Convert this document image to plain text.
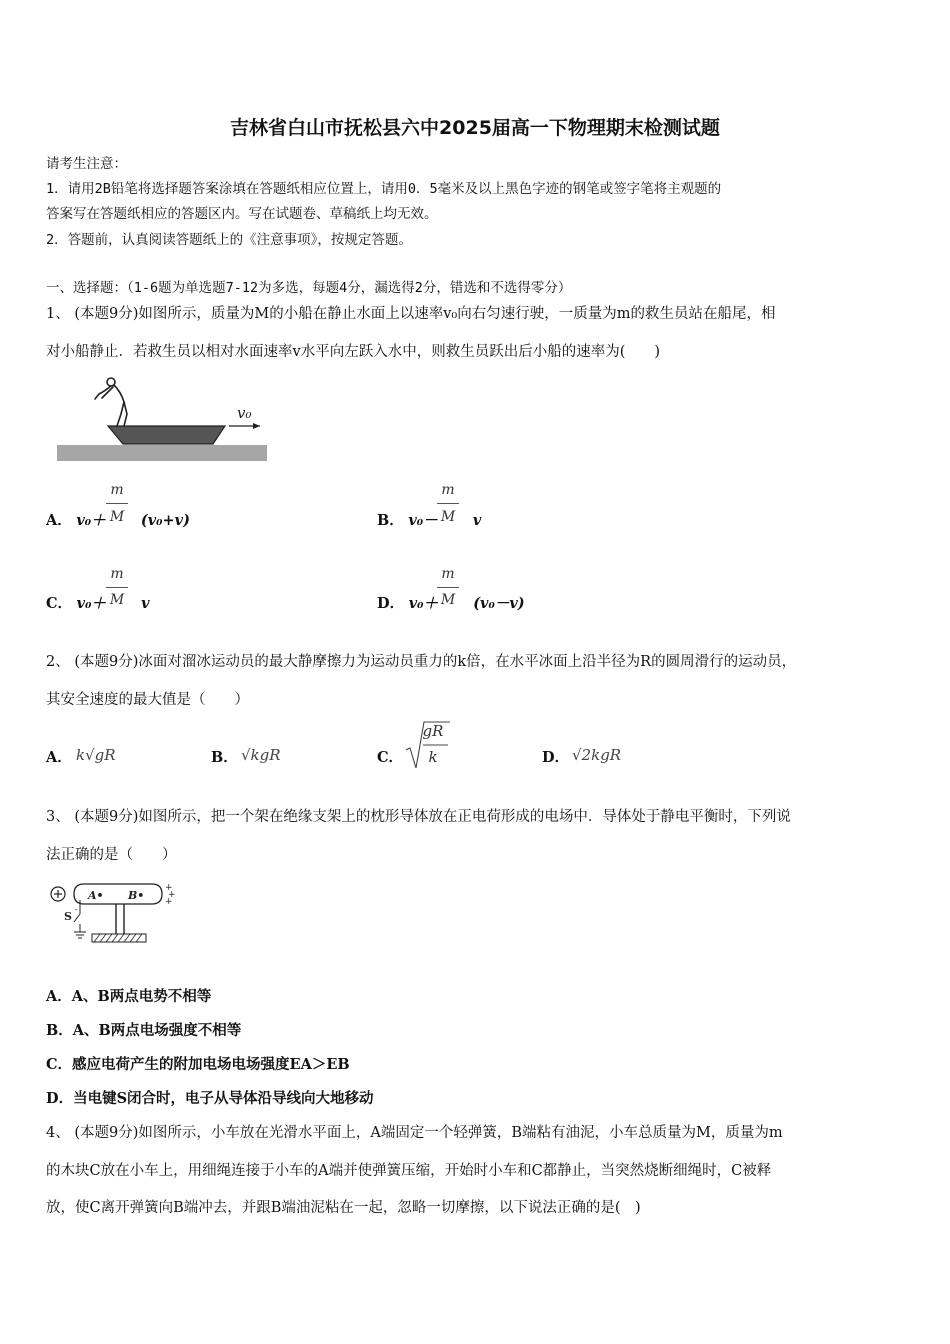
吉林省白山市抚松县六中2025届高一下物理期末检测试题
请考生注意：
1．请用2B铅笔将选择题答案涂填在答题纸相应位置上，请用0．5毫米及以上黑色字迹的钢笔或签字笔将主观题的
答案写在答题纸相应的答题区内。写在试题卷、草稿纸上均无效。
2．答题前，认真阅读答题纸上的《注意事项》，按规定答题。
一、选择题：（1-6题为单选题7-12为多选，每题4分，漏选得2分，错选和不选得零分）
1、 (本题9分)如图所示，质量为M的小船在静止水面上以速率v₀向右匀速行驶，一质量为m的救生员站在船尾，相
对小船静止．若救生员以相对水面速率v水平向左跃入水中，则救生员跃出后小船的速率为(　　)
v₀
A． v₀＋ (v₀+v)
m
M	B． v₀－ v
m
M
C． v₀＋ v
m
M	D． v₀＋ (v₀－v)
m
M
2、 (本题9分)冰面对溜冰运动员的最大静摩擦力为运动员重力的k倍，在水平冰面上沿半径为R的圆周滑行的运动员，
其安全速度的最大值是（　　）
A． k√gR	B． √kgR	C．
gR
k	D． √2kgR
3、 (本题9分)如图所示，把一个架在绝缘支架上的枕形导体放在正电荷形成的电场中．导体处于静电平衡时，下列说
法正确的是（　　）
A• B•
+
+
+
-
S
A．A、B两点电势不相等
B．A、B两点电场强度不相等
C．感应电荷产生的附加电场电场强度EA＞EB
D．当电键S闭合时，电子从导体沿导线向大地移动
4、 (本题9分)如图所示，小车放在光滑水平面上，A端固定一个轻弹簧，B端粘有油泥，小车总质量为M，质量为m
的木块C放在小车上，用细绳连接于小车的A端并使弹簧压缩，开始时小车和C都静止，当突然烧断细绳时，C被释
放，使C离开弹簧向B端冲去，并跟B端油泥粘在一起，忽略一切摩擦，以下说法正确的是(　)
